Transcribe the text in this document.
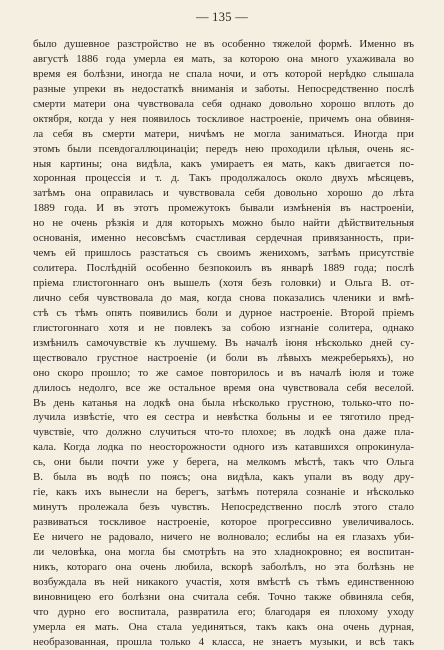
— 135 —
было душевное разстройство не въ особенно тяжелой формѣ. Именно въ
августѣ 1886 года умерла ея мать, за которою она много ухаживала во
время ея болѣзни, иногда не спала ночи, и отъ которой нерѣдко слышала
разные упреки въ недостаткѣ вниманія и заботы. Непосредственно послѣ
смерти матери она чувствовала себя однако довольно хорошо вплоть до
октября, когда у нея появилось тоскливое настроеніе, причемъ она обвиня-
ла себя въ смерти матери, ничѣмъ не могла заниматься. Иногда при
этомъ были псевдогаллюцинаціи; передъ нею проходили цѣлыя, очень яс-
ныя картины; она видѣла, какъ умираетъ ея мать, какъ двигается по-
хоронная процессія и т. д. Такъ продолжалось около двухъ мѣсяцевъ,
затѣмъ она оправилась и чувствовала себя довольно хорошо до лѣта
1889 года. И въ этотъ промежутокъ бывали измѣненія въ настроеніи,
но не очень рѣзкія и для которыхъ можно было найти дѣйствительныя
основанія, именно несовсѣмъ счастливая сердечная привязанность, при-
чемъ ей пришлось разстаться съ своимъ женихомъ, затѣмъ присутствіе
солитера. Послѣдній особенно безпокоилъ въ январѣ 1889 года; послѣ
пріема глистогоннаго онъ вышелъ (хотя безъ головки) и Ольга В. от-
лично себя чувствовала до мая, когда снова показались членики и вмѣ-
стѣ съ тѣмъ опять появились боли и дурное настроеніе. Второй пріемъ
глистогоннаго хотя и не повлекъ за собою изгнаніе солитера, однако
измѣнилъ самочувствіе къ лучшему. Въ началѣ іюня нѣсколько дней су-
ществовало грустное настроеніе (и боли въ лѣвыхъ межреберьяхъ), но
оно скоро прошло; то же самое повторилось и въ началѣ іюля и тоже
длилось недолго, все же остальное время она чувствовала себя веселой.
Въ день катанья на лодкѣ она была нѣсколько грустною, только-что по-
лучила извѣстіе, что ея сестра и невѣстка больны и ее тяготило пред-
чувствіе, что должно случиться что-то плохое; въ лодкѣ она даже пла-
кала. Когда лодка по неосторожности одного изъ катавшихся опрокинула-
сь, они были почти уже у берега, на мелкомъ мѣстѣ, такъ что Ольга
В. была въ водѣ по поясъ; она видѣла, какъ упали въ воду дру-
гіе, какъ ихъ вынесли на берегъ, затѣмъ потеряла сознаніе и нѣсколько
минутъ пролежала безъ чувствъ. Непосредственно послѣ этого стало
развиваться тоскливое настроеніе, которое прогрессивно увеличивалось.
Ее ничего не радовало, ничего не волновало; еслибы на ея глазахъ уби-
ли человѣка, она могла бы смотрѣть на это хладнокровно; ея воспитан-
никъ, котораго она очень любила, вскорѣ заболѣлъ, но эта болѣзнь не
возбуждала въ ней никакого участія, хотя вмѣстѣ съ тѣмъ единственною
виновницею его болѣзни она считала себя. Точно также обвиняла себя,
что дурно его воспитала, развратила его; благодаря ея плохому уходу
умерла ея мать. Она стала уединяться, такъ какъ она очень дурная,
необразованная, прошла только 4 класса, не знаетъ музыки, и всѣ такъ
